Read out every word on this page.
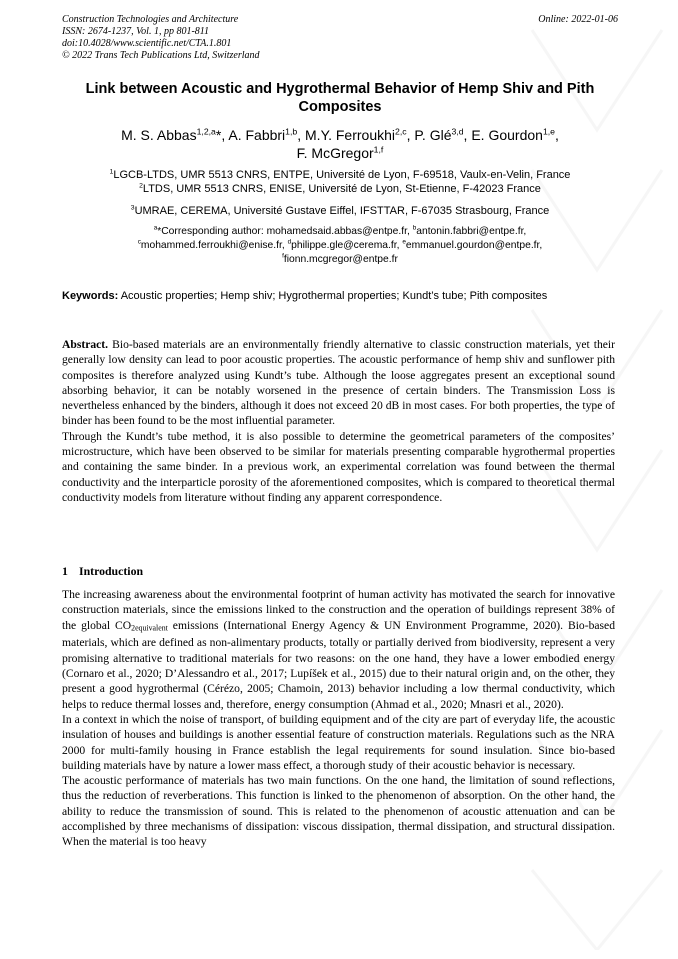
Construction Technologies and Architecture
ISSN: 2674-1237, Vol. 1, pp 801-811
doi:10.4028/www.scientific.net/CTA.1.801
© 2022 Trans Tech Publications Ltd, Switzerland
Online: 2022-01-06
Link between Acoustic and Hygrothermal Behavior of Hemp Shiv and Pith Composites
M. S. Abbas$^{1,2,a}$*, A. Fabbri$^{1,b}$, M.Y. Ferroukhi$^{2,c}$, P. Glé$^{3,d}$, E. Gourdon$^{1,e}$,
F. McGregor$^{1,f}$
$^1$LGCB-LTDS, UMR 5513 CNRS, ENTPE, Université de Lyon, F-69518, Vaulx-en-Velin, France
$^2$LTDS, UMR 5513 CNRS, ENISE, Université de Lyon, St-Etienne, F-42023 France
$^3$UMRAE, CEREMA, Université Gustave Eiffel, IFSTTAR, F-67035 Strasbourg, France
$^a$*Corresponding author: mohamedsaid.abbas@entpe.fr, $^b$antonin.fabbri@entpe.fr,
$^c$mohammed.ferroukhi@enise.fr, $^d$philippe.gle@cerema.fr, $^e$emmanuel.gourdon@entpe.fr,
$^f$fionn.mcgregor@entpe.fr
Keywords: Acoustic properties; Hemp shiv; Hygrothermal properties; Kundt’s tube; Pith composites

Abstract. Bio-based materials are an environmentally friendly alternative to classic construction materials, yet their generally low density can lead to poor acoustic properties. The acoustic performance of hemp shiv and sunflower pith composites is therefore analyzed using Kundt’s tube. Although the loose aggregates present an exceptional sound absorbing behavior, it can be notably worsened in the presence of certain binders. The Transmission Loss is nevertheless enhanced by the binders, although it does not exceed 20 dB in most cases. For both properties, the type of binder has been found to be the most influential parameter.

Through the Kundt’s tube method, it is also possible to determine the geometrical parameters of the composites’ microstructure, which have been observed to be similar for materials presenting comparable hygrothermal properties and containing the same binder. In a previous work, an experimental correlation was found between the thermal conductivity and the interparticle porosity of the aforementioned composites, which is compared to theoretical thermal conductivity models from literature without finding any apparent correspondence.

1 Introduction

The increasing awareness about the environmental footprint of human activity has motivated the search for innovative construction materials, since the emissions linked to the construction and the operation of buildings represent 38% of the global CO2equivalent emissions (International Energy Agency & UN Environment Programme, 2020). Bio-based materials, which are defined as non-alimentary products, totally or partially derived from biodiversity, represent a very promising alternative to traditional materials for two reasons: on the one hand, they have a lower embodied energy (Cornaro et al., 2020; D’Alessandro et al., 2017; Lupíšek et al., 2015) due to their natural origin and, on the other, they present a good hygrothermal (Cérézo, 2005; Chamoin, 2013) behavior including a low thermal conductivity, which helps to reduce thermal losses and, therefore, energy consumption (Ahmad et al., 2020; Mnasri et al., 2020).

In a context in which the noise of transport, of building equipment and of the city are part of everyday life, the acoustic insulation of houses and buildings is another essential feature of construction materials. Regulations such as the NRA 2000 for multi-family housing in France establish the legal requirements for sound insulation. Since bio-based building materials have by nature a lower mass effect, a thorough study of their acoustic behavior is necessary.

The acoustic performance of materials has two main functions. On the one hand, the limitation of sound reflections, thus the reduction of reverberations. This function is linked to the phenomenon of absorption. On the other hand, the ability to reduce the transmission of sound. This is related to the phenomenon of acoustic attenuation and can be accomplished by three mechanisms of dissipation: viscous dissipation, thermal dissipation, and structural dissipation. When the material is too heavy
